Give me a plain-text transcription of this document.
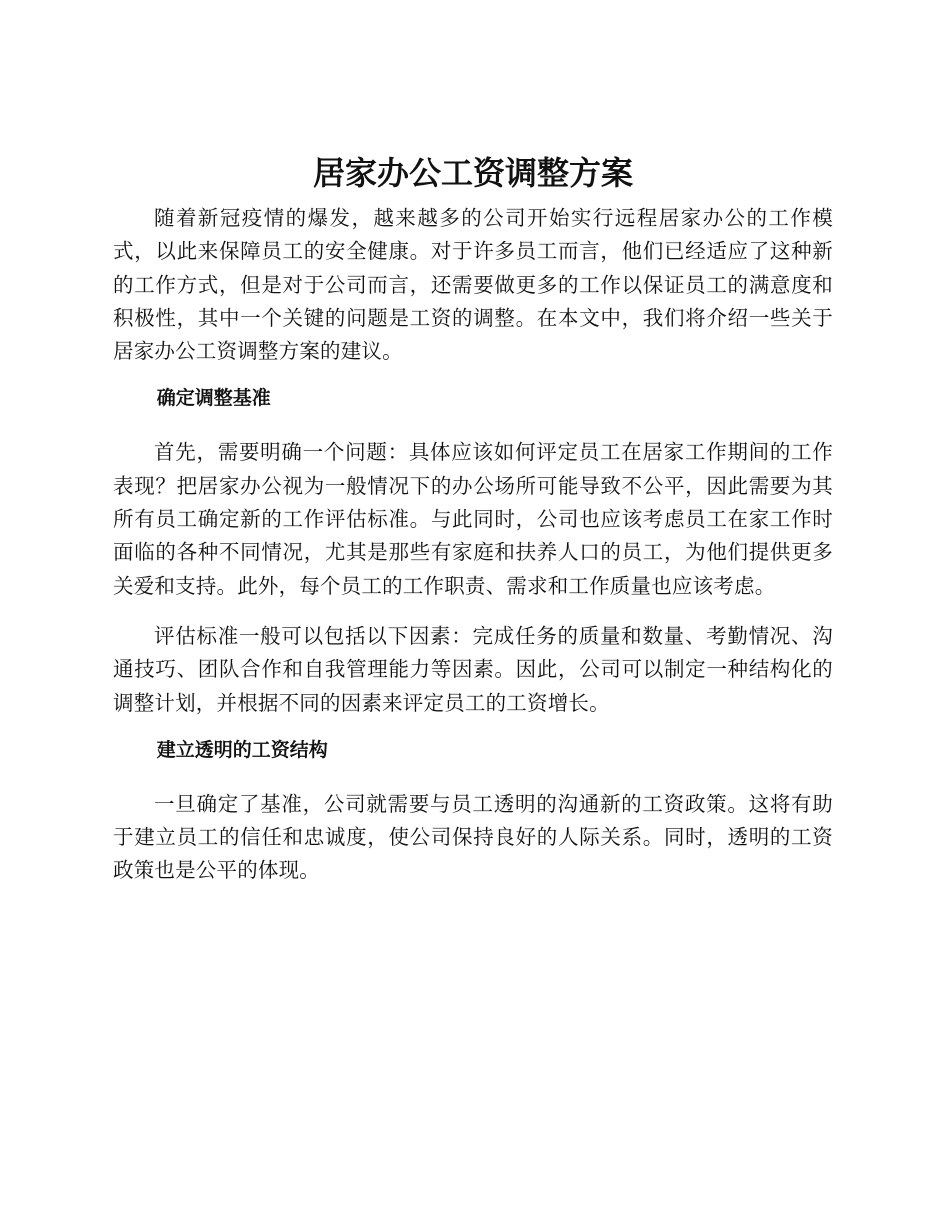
居家办公工资调整方案

随着新冠疫情的爆发，越来越多的公司开始实行远程居家办公的工作模式，以此来保障员工的安全健康。对于许多员工而言，他们已经适应了这种新的工作方式，但是对于公司而言，还需要做更多的工作以保证员工的满意度和积极性，其中一个关键的问题是工资的调整。在本文中，我们将介绍一些关于居家办公工资调整方案的建议。

确定调整基准

首先，需要明确一个问题：具体应该如何评定员工在居家工作期间的工作表现？把居家办公视为一般情况下的办公场所可能导致不公平，因此需要为其所有员工确定新的工作评估标准。与此同时，公司也应该考虑员工在家工作时面临的各种不同情况，尤其是那些有家庭和扶养人口的员工，为他们提供更多关爱和支持。此外，每个员工的工作职责、需求和工作质量也应该考虑。

评估标准一般可以包括以下因素：完成任务的质量和数量、考勤情况、沟通技巧、团队合作和自我管理能力等因素。因此，公司可以制定一种结构化的调整计划，并根据不同的因素来评定员工的工资增长。

建立透明的工资结构

一旦确定了基准，公司就需要与员工透明的沟通新的工资政策。这将有助于建立员工的信任和忠诚度，使公司保持良好的人际关系。同时，透明的工资政策也是公平的体现。
